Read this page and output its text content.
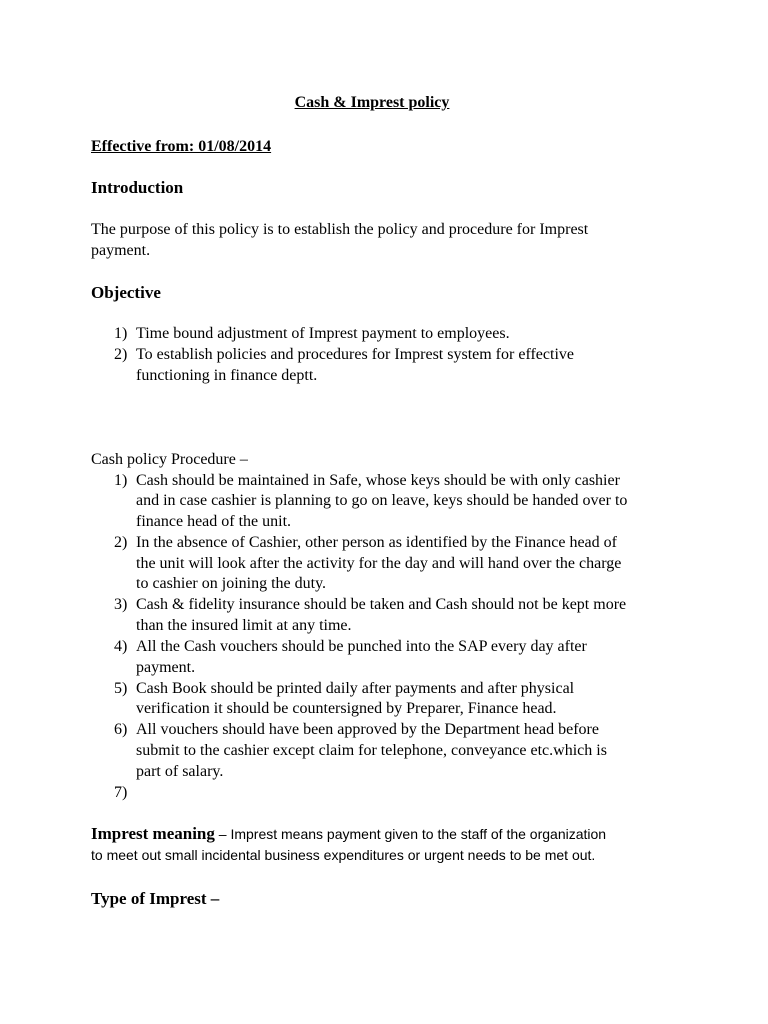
Cash & Imprest policy
Effective from: 01/08/2014
Introduction
The purpose of this policy is to establish the policy and procedure for Imprest
payment.
Objective
1) Time bound adjustment of Imprest payment to employees.
2) To establish policies and procedures for Imprest system for effective
functioning in finance deptt.
Cash policy Procedure –
1) Cash should be maintained in Safe, whose keys should be with only cashier
and in case cashier is planning to go on leave, keys should be handed over to
finance head of the unit.
2) In the absence of Cashier, other person as identified by the Finance head of
the unit will look after the activity for the day and will hand over the charge
to cashier on joining the duty.
3) Cash & fidelity insurance should be taken and Cash should not be kept more
than the insured limit at any time.
4) All the Cash vouchers should be punched into the SAP every day after
payment.
5) Cash Book should be printed daily after payments and after physical
verification it should be countersigned by Preparer, Finance head.
6) All vouchers should have been approved by the Department head before
submit to the cashier except claim for telephone, conveyance etc.which is
part of salary.
7)
Imprest meaning – Imprest means payment given to the staff of the organization
to meet out small incidental business expenditures or urgent needs to be met out.
Type of Imprest –
